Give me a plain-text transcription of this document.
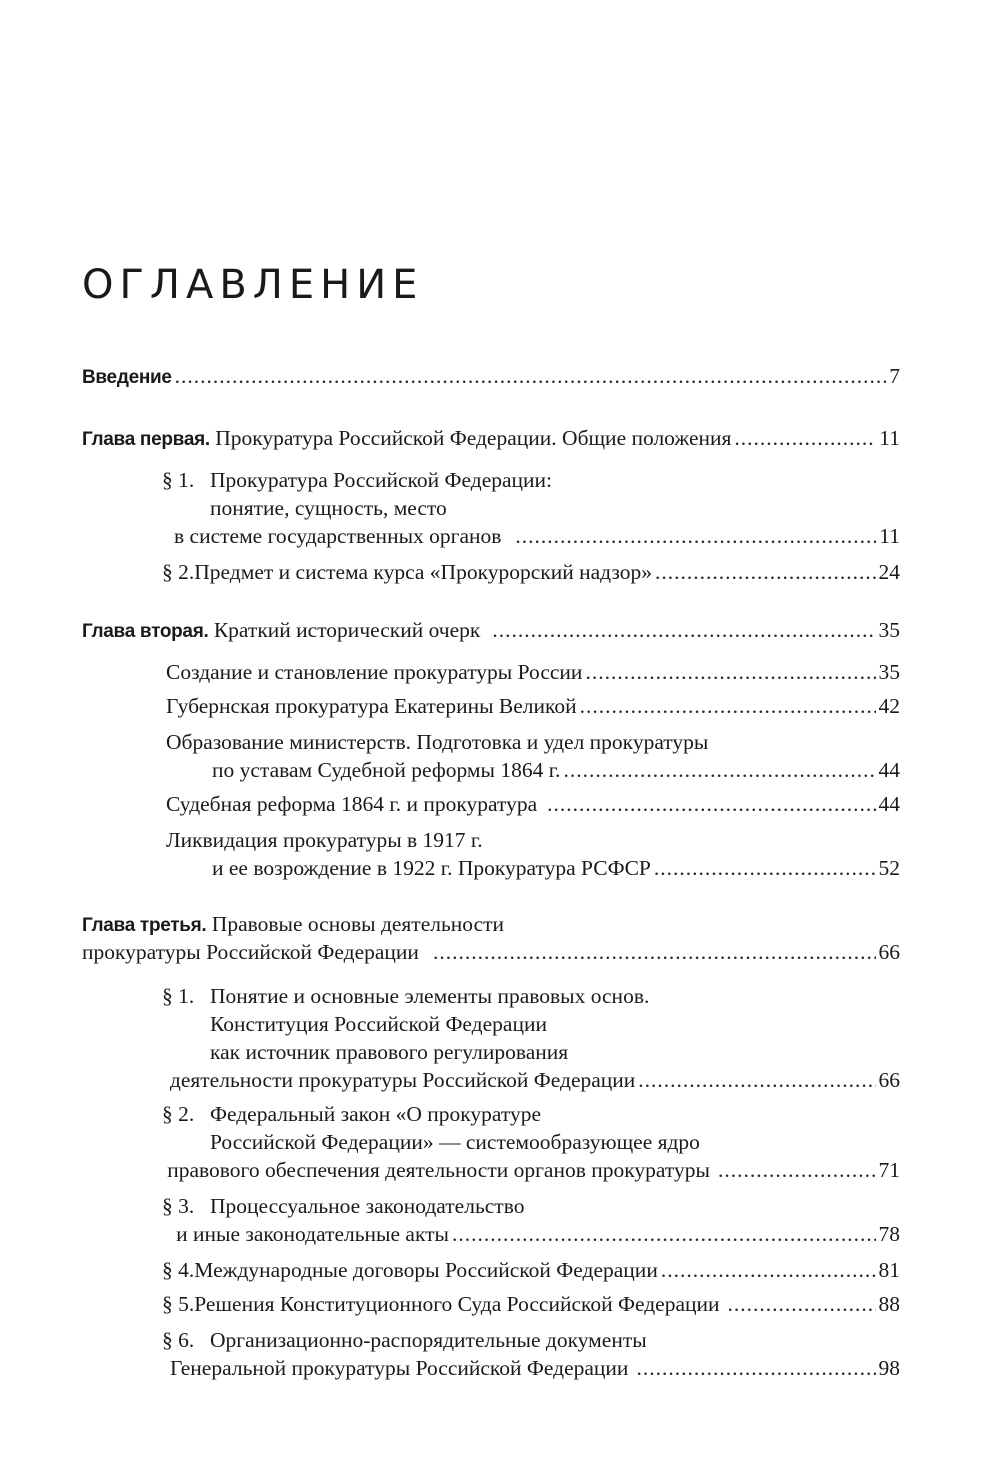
ОГЛАВЛЕНИЕ
Введение .....	7
Глава первая.
Прокуратура Российской Федерации. Общие положения .....	11
§ 1. Прокуратура Российской Федерации:
понятие, сущность, место
в системе государственных органов .....	11
§ 2. Предмет и система курса «Прокурорский надзор» .....	24
Глава вторая.
Краткий исторический очерк .....	35
Создание и становление прокуратуры России .....	35
Губернская прокуратура Екатерины Великой .....	42
Образование министерств. Подготовка и удел прокуратуры
по уставам Судебной реформы 1864 г. .....	44
Судебная реформа 1864 г. и прокуратура .....	44
Ликвидация прокуратуры в 1917 г.
и ее возрождение в 1922 г. Прокуратура РСФСР .....	52
Глава третья.
Правовые основы деятельности
прокуратуры Российской Федерации .....	66
§ 1. Понятие и основные элементы правовых основ.
Конституция Российской Федерации
как источник правового регулирования
деятельности прокуратуры Российской Федерации .....	66
§ 2. Федеральный закон «О прокуратуре
Российской Федерации» — системообразующее ядро
правового обеспечения деятельности органов прокуратуры .....	71
§ 3. Процессуальное законодательство
и иные законодательные акты .....	78
§ 4. Международные договоры Российской Федерации .....	81
§ 5. Решения Конституционного Суда Российской Федерации .....	88
§ 6. Организационно-распорядительные документы
Генеральной прокуратуры Российской Федерации .....	98
